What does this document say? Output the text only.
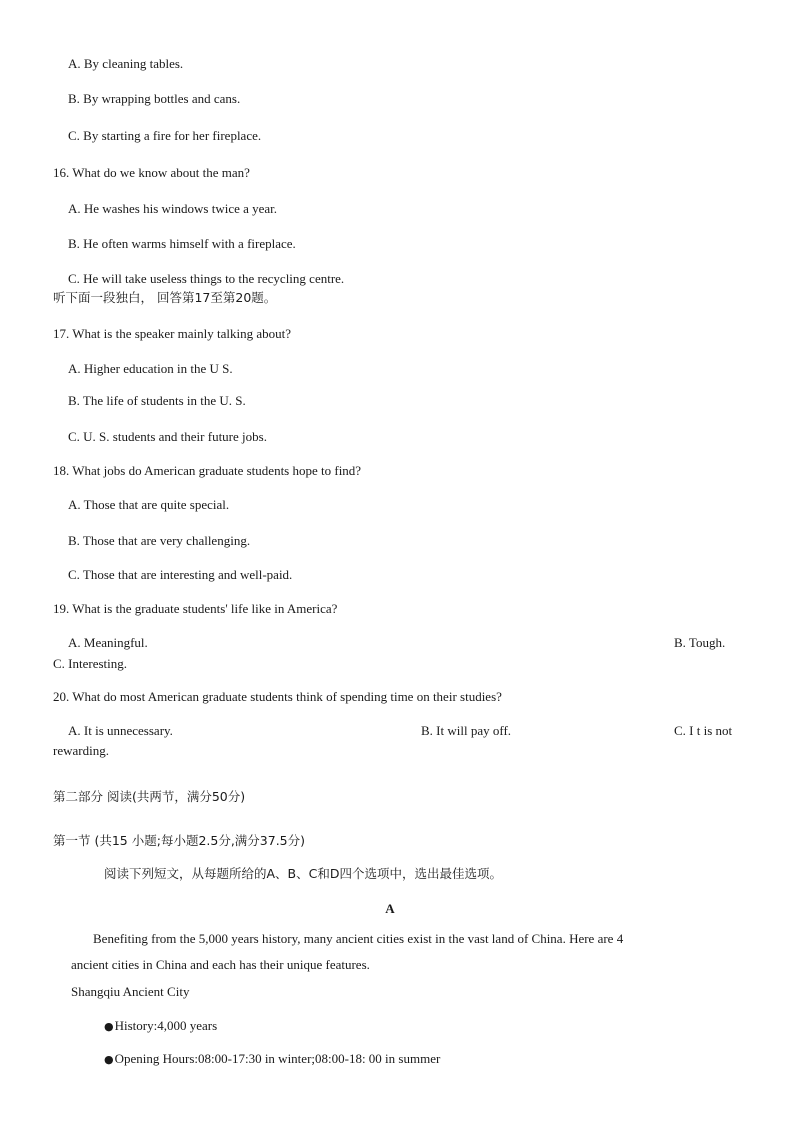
A. By cleaning tables.
B. By wrapping bottles and cans.
C. By starting a fire for her fireplace.
16. What do we know about the man?
A. He washes his windows twice a year.
B. He often warms himself with a fireplace.
C. He will take useless things to the recycling centre.
听下面一段独白， 回答第17至第20题。
17. What is the speaker mainly talking about?
A. Higher education in the U S.
B. The life of students in the U. S.
C. U. S. students and their future jobs.
18. What jobs do American graduate students hope to find?
A. Those that are quite special.
B. Those that are very challenging.
C. Those that are interesting and well-paid.
19. What is the graduate students' life like in America?
A. Meaningful.	B. Tough.
C. Interesting.
20. What do most American graduate students think of spending time on their studies?
A. It is unnecessary.	B. It will pay off.	C. I t is not
rewarding.
第二部分 阅读(共两节，满分50分)
第一节 (共15 小题;每小题2.5分,满分37.5分)
阅读下列短文，从每题所给的A、B、C和D四个选项中，选出最佳选项。
A
Benefiting from the 5,000 years history, many ancient cities exist in the vast land of China. Here are 4
ancient cities in China and each has their unique features.
Shangqiu Ancient City
● History:4,000 years
● Opening Hours:08:00-17:30 in winter;08:00-18: 00 in summer
